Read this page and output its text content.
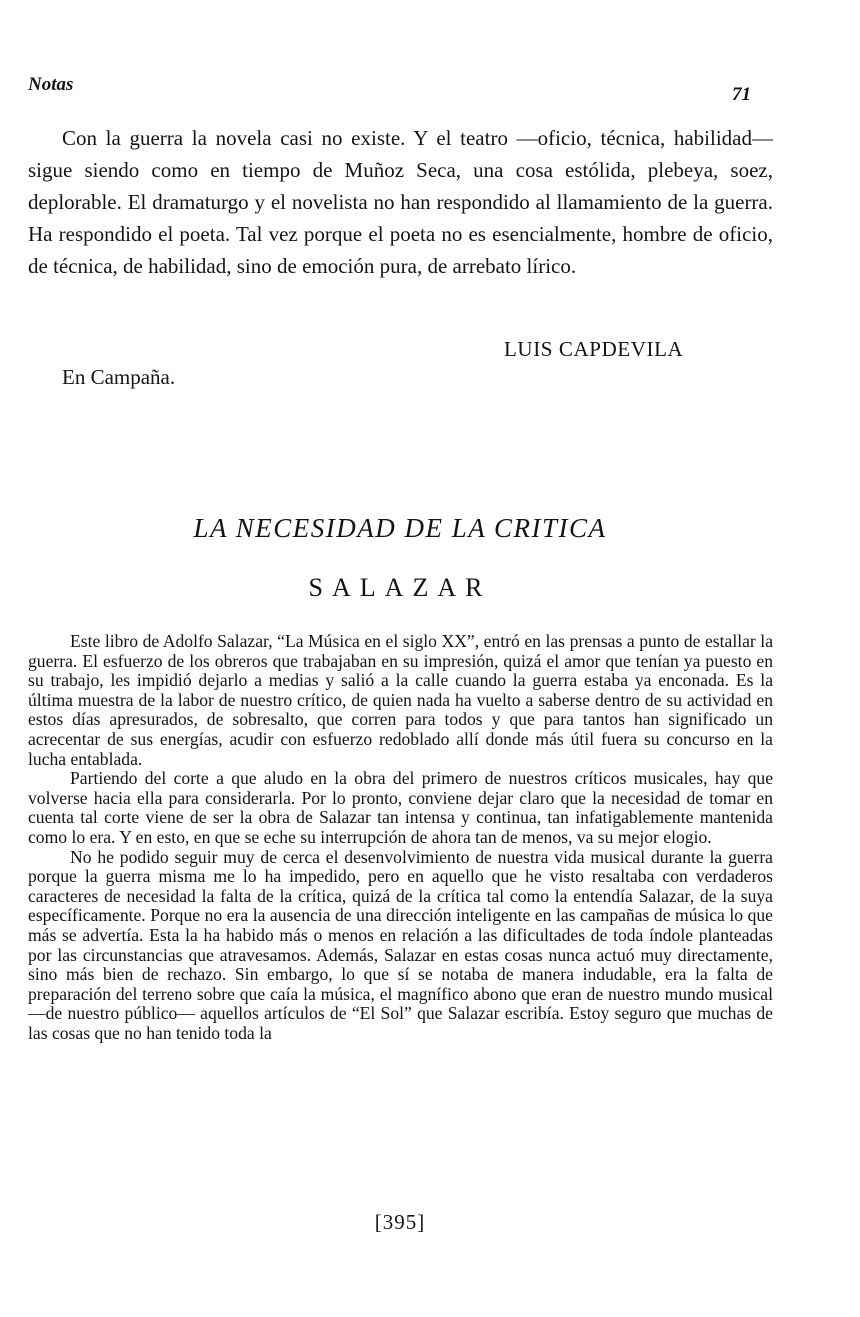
Notas	71

Con la guerra la novela casi no existe. Y el teatro —oficio, técnica, habilidad— sigue siendo como en tiempo de Muñoz Seca, una cosa estólida, plebeya, soez, deplorable. El dramaturgo y el novelista no han respondido al llamamiento de la guerra. Ha respondido el poeta. Tal vez porque el poeta no es esencialmente, hombre de oficio, de técnica, de habilidad, sino de emoción pura, de arrebato lírico.

LUIS CAPDEVILA
En Campaña.
LA NECESIDAD DE LA CRITICA
SALAZAR

Este libro de Adolfo Salazar, “La Música en el siglo XX”, entró en las prensas a punto de estallar la guerra. El esfuerzo de los obreros que trabajaban en su impresión, quizá el amor que tenían ya puesto en su trabajo, les impidió dejarlo a medias y salió a la calle cuando la guerra estaba ya enconada. Es la última muestra de la labor de nuestro crítico, de quien nada ha vuelto a saberse dentro de su actividad en estos días apresurados, de sobresalto, que corren para todos y que para tantos han significado un acrecentar de sus energías, acudir con esfuerzo redoblado allí donde más útil fuera su concurso en la lucha entablada.

Partiendo del corte a que aludo en la obra del primero de nuestros críticos musicales, hay que volverse hacia ella para considerarla. Por lo pronto, conviene dejar claro que la necesidad de tomar en cuenta tal corte viene de ser la obra de Salazar tan intensa y continua, tan infatigablemente mantenida como lo era. Y en esto, en que se eche su interrupción de ahora tan de menos, va su mejor elogio.

No he podido seguir muy de cerca el desenvolvimiento de nuestra vida musical durante la guerra porque la guerra misma me lo ha impedido, pero en aquello que he visto resaltaba con verdaderos caracteres de necesidad la falta de la crítica, quizá de la crítica tal como la entendía Salazar, de la suya específicamente. Porque no era la ausencia de una dirección inteligente en las campañas de música lo que más se advertía. Esta la ha habido más o menos en relación a las dificultades de toda índole planteadas por las circunstancias que atravesamos. Además, Salazar en estas cosas nunca actuó muy directamente, sino más bien de rechazo. Sin embargo, lo que sí se notaba de manera indudable, era la falta de preparación del terreno sobre que caía la música, el magnífico abono que eran de nuestro mundo musical —de nuestro público— aquellos artículos de “El Sol” que Salazar escribía. Estoy seguro que muchas de las cosas que no han tenido toda la

[395]
